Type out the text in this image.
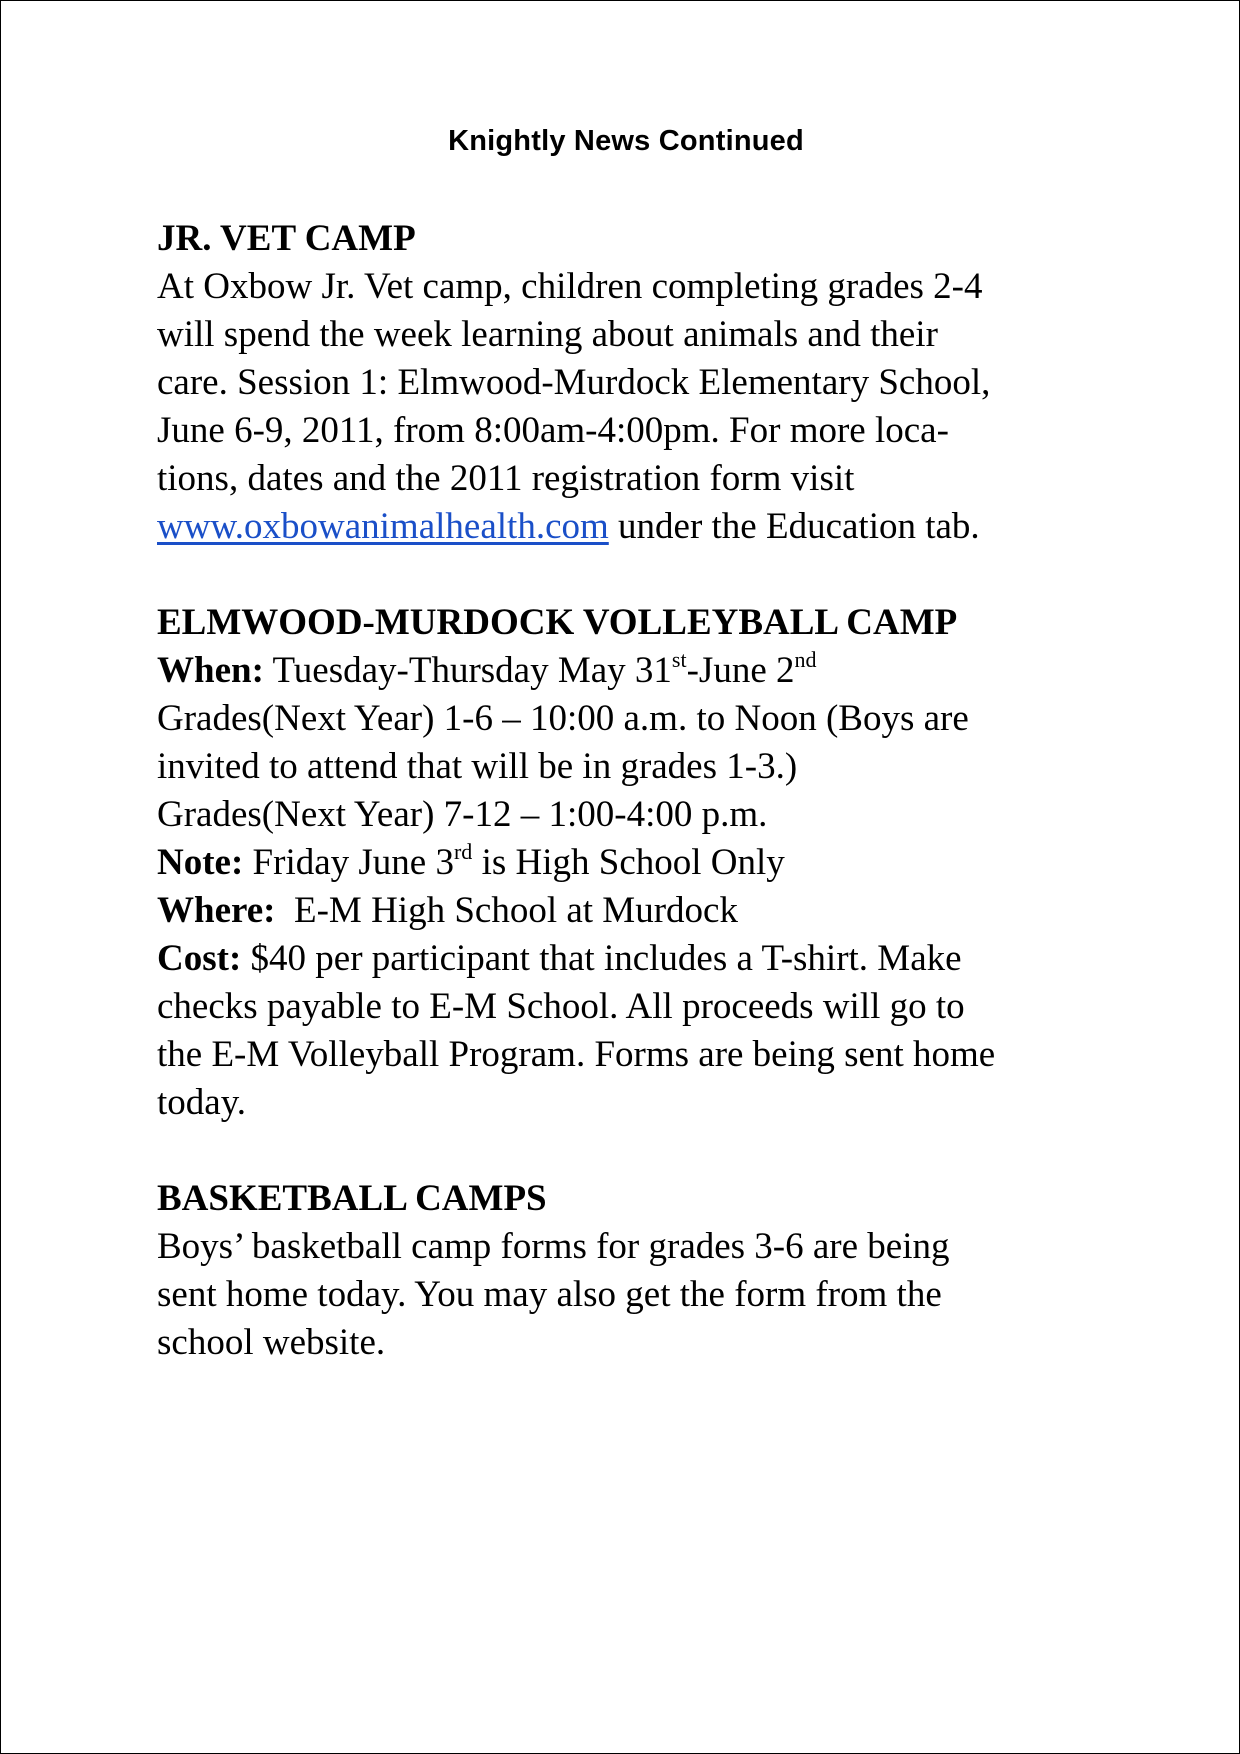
Knightly News Continued
JR. VET CAMP
At Oxbow Jr. Vet camp, children completing grades 2-4
will spend the week learning about animals and their
care. Session 1: Elmwood-Murdock Elementary School,
June 6-9, 2011, from 8:00am-4:00pm. For more loca-
tions, dates and the 2011 registration form visit
www.oxbowanimalhealth.com under the Education tab.
ELMWOOD-MURDOCK VOLLEYBALL CAMP
When: Tuesday-Thursday May 31st-June 2nd
Grades(Next Year) 1-6 – 10:00 a.m. to Noon (Boys are
invited to attend that will be in grades 1-3.)
Grades(Next Year) 7-12 – 1:00-4:00 p.m.
Note: Friday June 3rd is High School Only
Where:  E-M High School at Murdock
Cost: $40 per participant that includes a T-shirt. Make
checks payable to E-M School. All proceeds will go to
the E-M Volleyball Program. Forms are being sent home
today.
BASKETBALL CAMPS
Boys’ basketball camp forms for grades 3-6 are being
sent home today. You may also get the form from the
school website.
